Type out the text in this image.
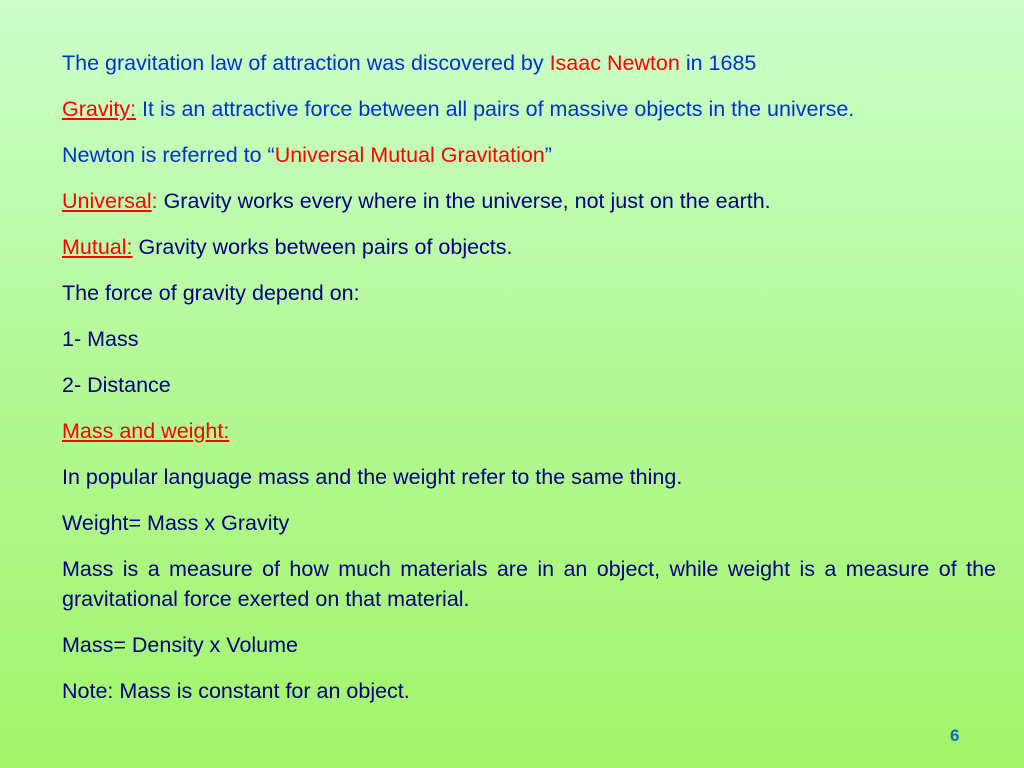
The gravitation law of attraction was discovered by Isaac Newton in 1685

Gravity: It is an attractive force between all pairs of massive objects in the universe.

Newton is referred to “Universal Mutual Gravitation”

Universal: Gravity works every where in the universe, not just on the earth.

Mutual: Gravity works between pairs of objects.

The force of gravity depend on:

1- Mass

2- Distance

Mass and weight:

In popular language mass and the weight refer to the same thing.

Weight= Mass x Gravity

Mass is a measure of how much materials are in an object, while weight is a measure of the gravitational force exerted on that material.

Mass= Density x Volume

Note: Mass is constant for an object.

6
